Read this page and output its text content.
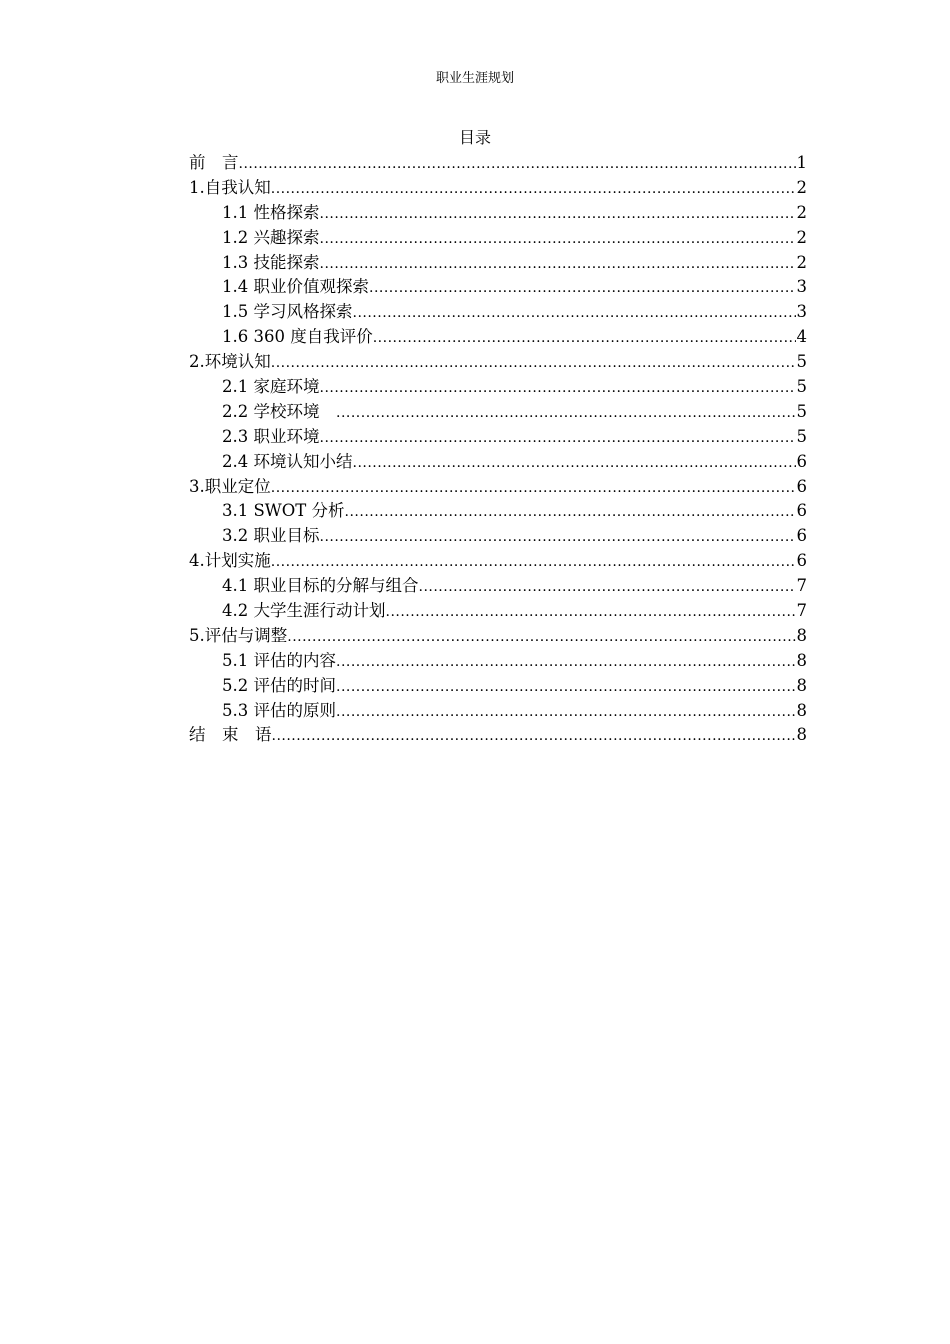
职业生涯规划
目录
前　言 .....	1
1.自我认知 .....	2
1.1 性格探索 .....	2
1.2 兴趣探索 .....	2
1.3 技能探索 .....	2
1.4 职业价值观探索 .....	3
1.5 学习风格探索 .....	3
1.6 360 度自我评价 .....	4
2.环境认知 .....	5
2.1 家庭环境 .....	5
2.2 学校环境　 .....	5
2.3 职业环境 .....	5
2.4 环境认知小结 .....	6
3.职业定位 .....	6
3.1 SWOT 分析 .....	6
3.2 职业目标 .....	6
4.计划实施 .....	6
4.1 职业目标的分解与组合 .....	7
4.2 大学生涯行动计划 .....	7
5.评估与调整 .....	8
5.1 评估的内容 .....	8
5.2 评估的时间 .....	8
5.3 评估的原则 .....	8
结　束　语 .....	8
